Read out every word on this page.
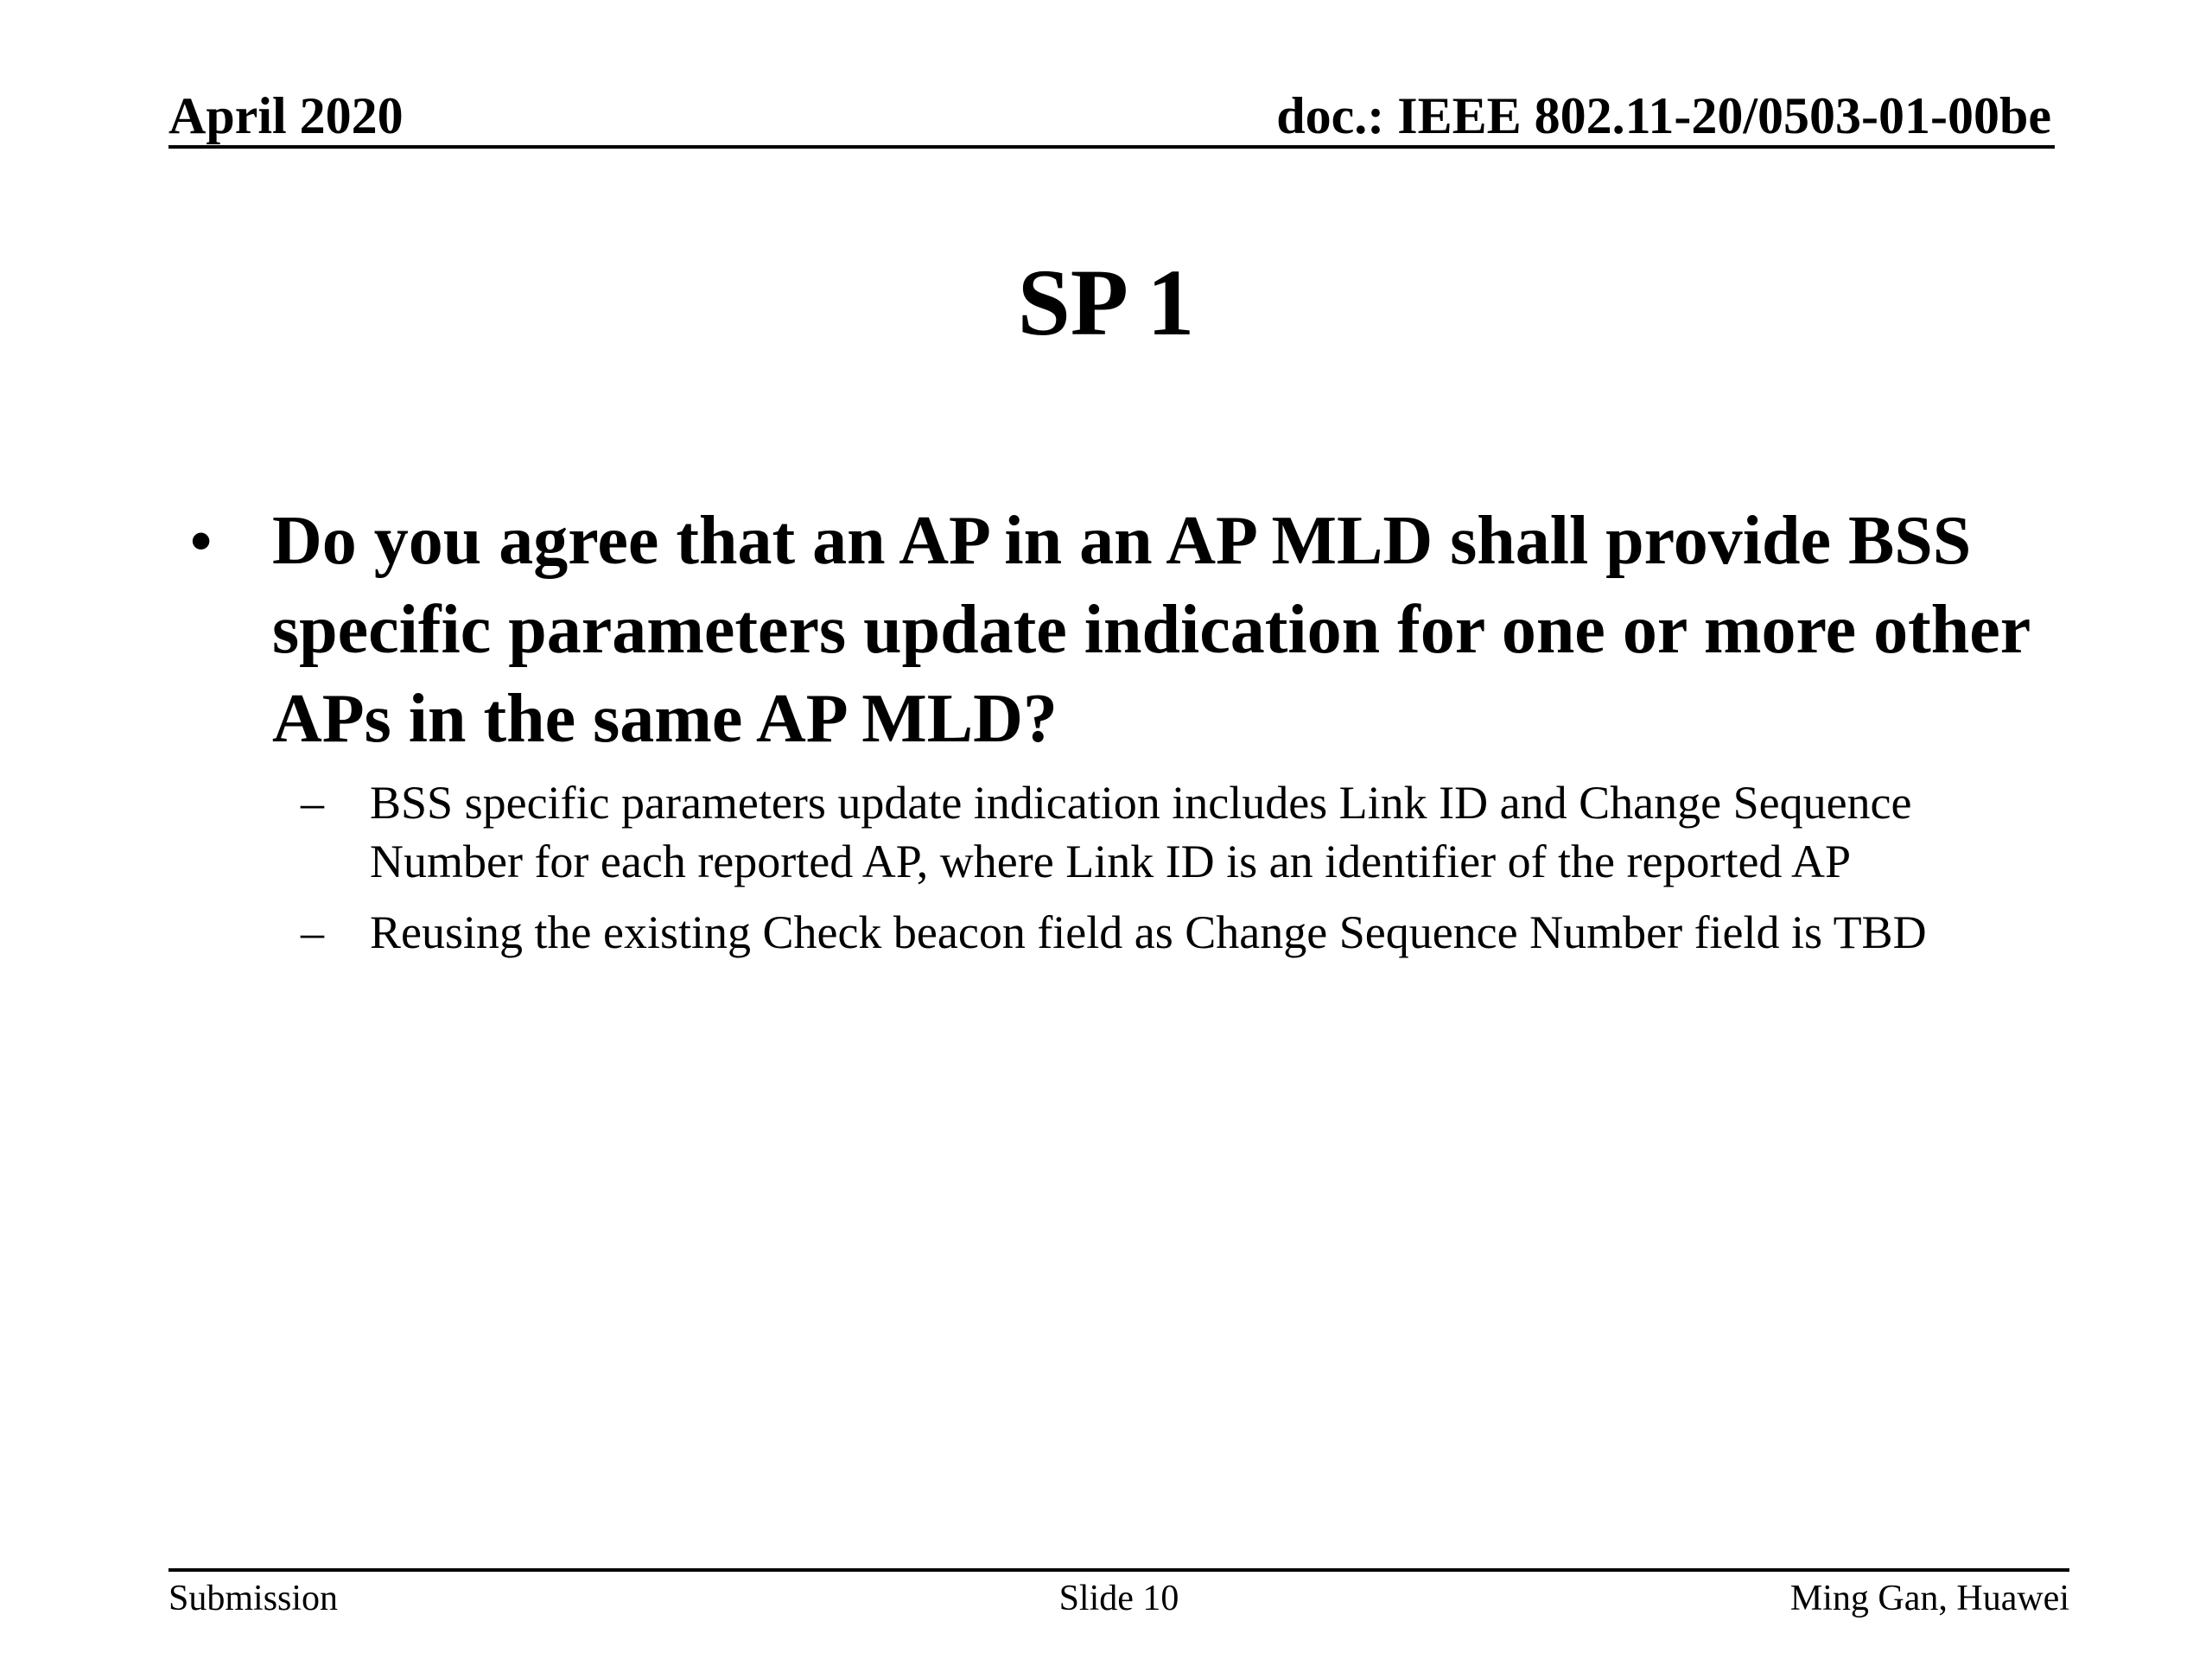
April 2020	doc.: IEEE 802.11-20/0503-01-00be
SP 1
• Do you agree that an AP in an AP MLD shall provide BSS specific parameters update indication for one or more other APs in the same AP MLD?
– BSS specific parameters update indication includes Link ID and Change Sequence Number for each reported AP, where Link ID is an identifier of the reported AP
– Reusing the existing Check beacon field as Change Sequence Number field is TBD
Submission	Slide 10	Ming Gan, Huawei
